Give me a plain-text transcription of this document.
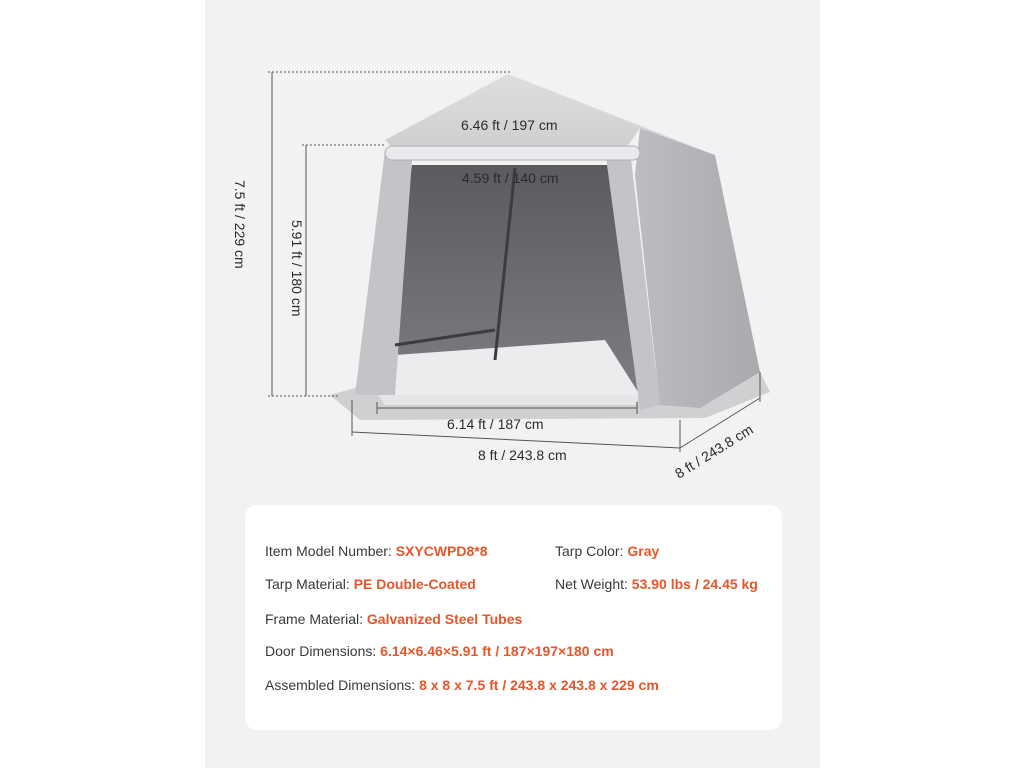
6.46 ft / 197 cm
4.59 ft / 140 cm
6.14 ft / 187 cm
8 ft / 243.8 cm	8 ft / 243.8 cm
7.5 ft / 229 cm	5.91 ft / 180 cm
Item Model Number: SXYCWPD8*8	Tarp Color: Gray
Tarp Material: PE Double-Coated	Net Weight: 53.90 lbs / 24.45 kg
Frame Material: Galvanized Steel Tubes
Door Dimensions: 6.14×6.46×5.91 ft / 187×197×180 cm
Assembled Dimensions: 8 x 8 x 7.5 ft / 243.8 x 243.8 x 229 cm
